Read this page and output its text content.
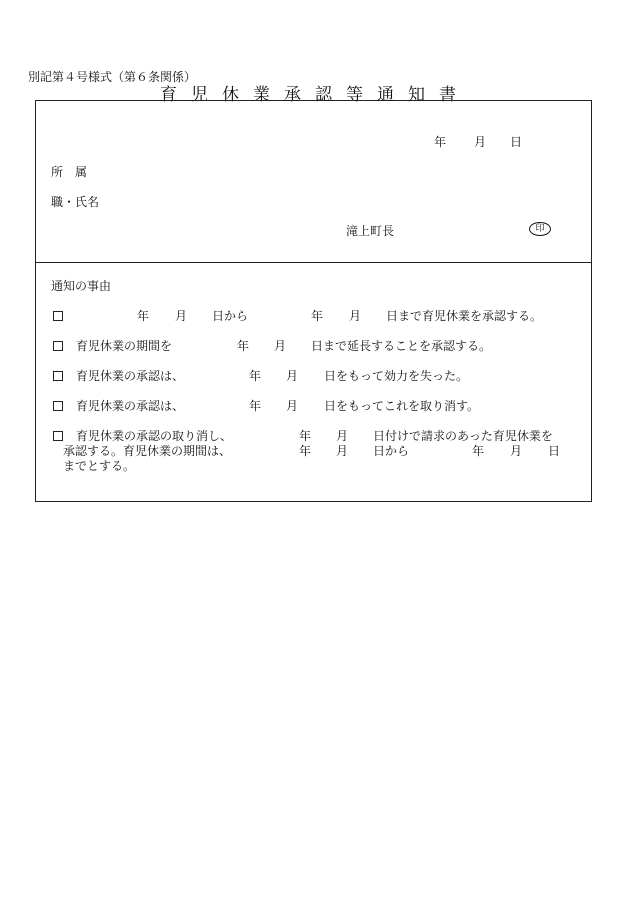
別記第４号様式（第６条関係）
育児休業承認等通知書
年 月 日
所　属
職・氏名
滝上町長	印
通知の事由
年 月 日から	年 月 日まで育児休業を承認する。
育児休業の期間を	年 月 日まで延長することを承認する。
育児休業の承認は、	年 月 日をもって効力を失った。
育児休業の承認は、	年 月 日をもってこれを取り消す。
育児休業の承認の取り消し、	年 月 日付けで請求のあった育児休業を
承認する。育児休業の期間は、	年 月 日から	年 月 日
までとする。
